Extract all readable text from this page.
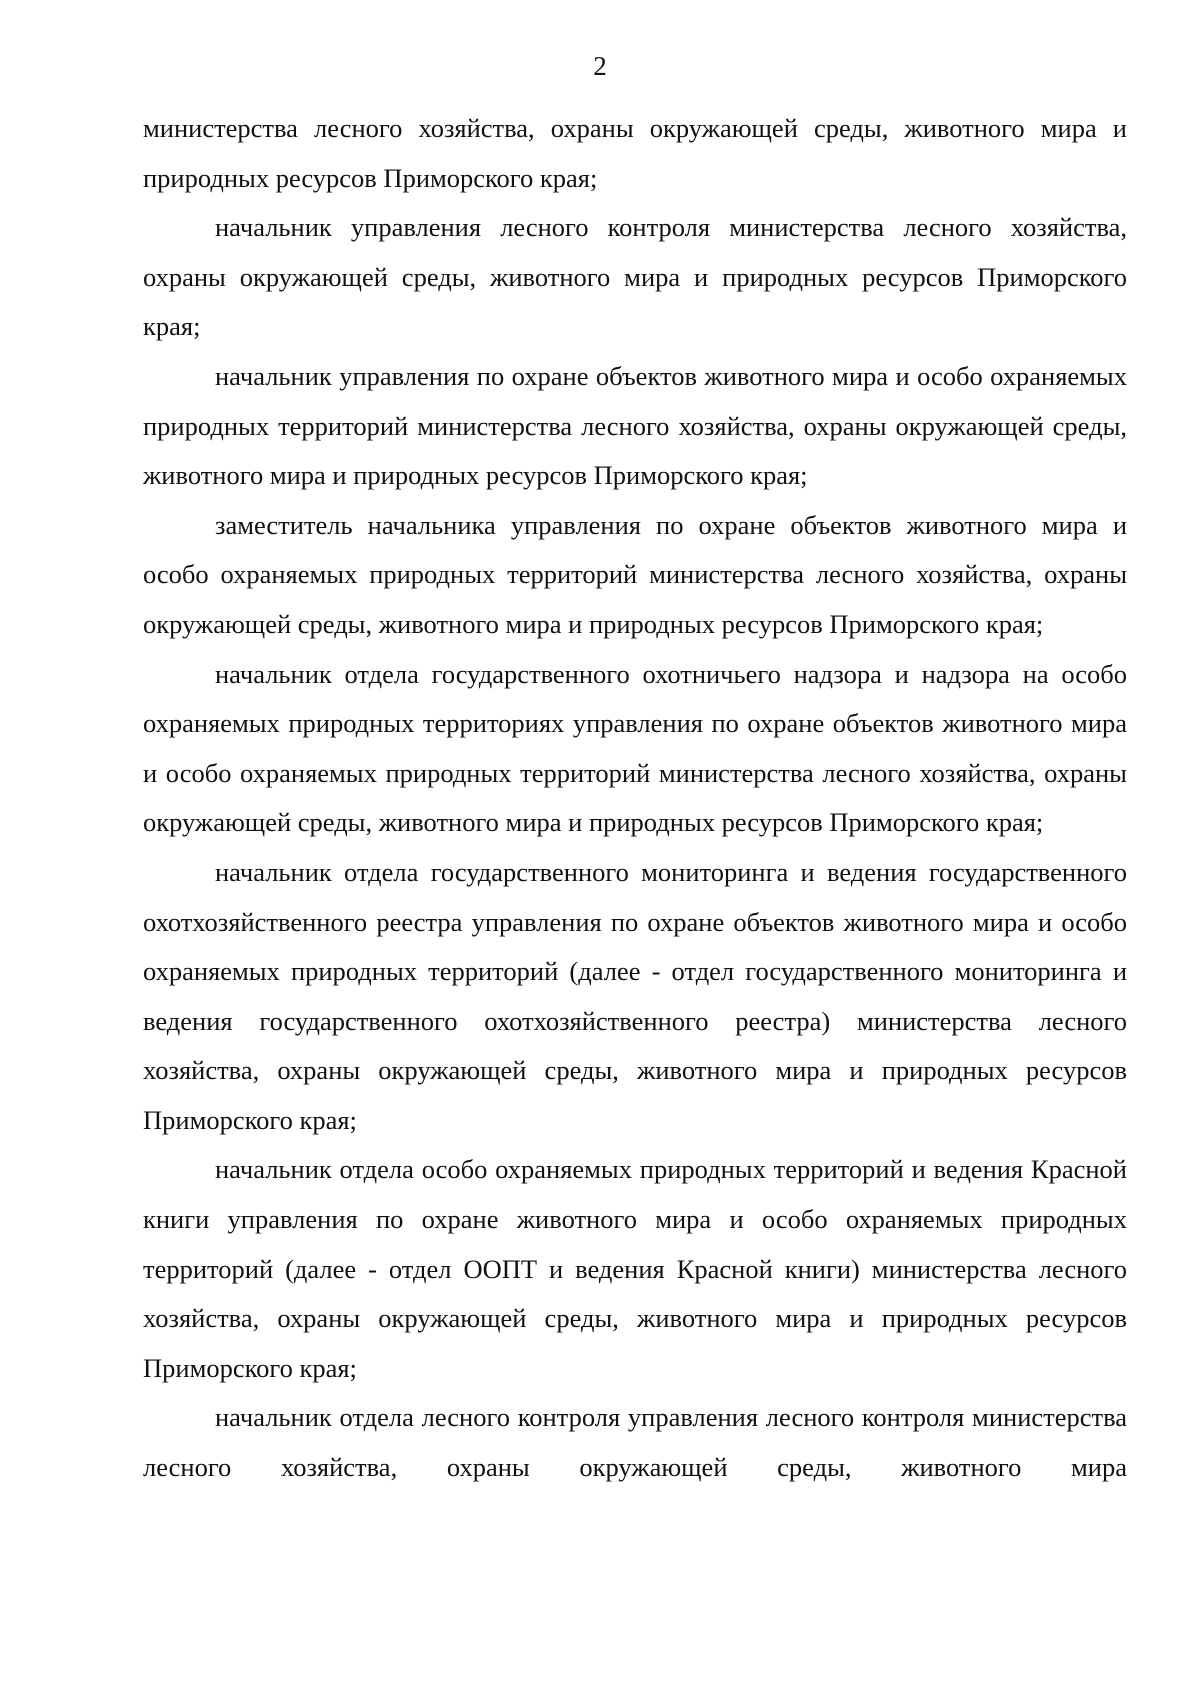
2

министерства лесного хозяйства, охраны окружающей среды, животного мира и природных ресурсов Приморского края;

начальник управления лесного контроля министерства лесного хозяйства, охраны окружающей среды, животного мира и природных ресурсов Приморского края;

начальник управления по охране объектов животного мира и особо охраняемых природных территорий министерства лесного хозяйства, охраны окружающей среды, животного мира и природных ресурсов Приморского края;

заместитель начальника управления по охране объектов животного мира и особо охраняемых природных территорий министерства лесного хозяйства, охраны окружающей среды, животного мира и природных ресурсов Приморского края;

начальник отдела государственного охотничьего надзора и надзора на особо охраняемых природных территориях управления по охране объектов животного мира и особо охраняемых природных территорий министерства лесного хозяйства, охраны окружающей среды, животного мира и природных ресурсов Приморского края;

начальник отдела государственного мониторинга и ведения государственного охотхозяйственного реестра управления по охране объектов животного мира и особо охраняемых природных территорий (далее - отдел государственного мониторинга и ведения государственного охотхозяйственного реестра) министерства лесного хозяйства, охраны окружающей среды, животного мира и природных ресурсов Приморского края;

начальник отдела особо охраняемых природных территорий и ведения Красной книги управления по охране животного мира и особо охраняемых природных территорий (далее - отдел ООПТ и ведения Красной книги) министерства лесного хозяйства, охраны окружающей среды, животного мира и природных ресурсов Приморского края;

начальник отдела лесного контроля управления лесного контроля министерства лесного хозяйства, охраны окружающей среды, животного мира
